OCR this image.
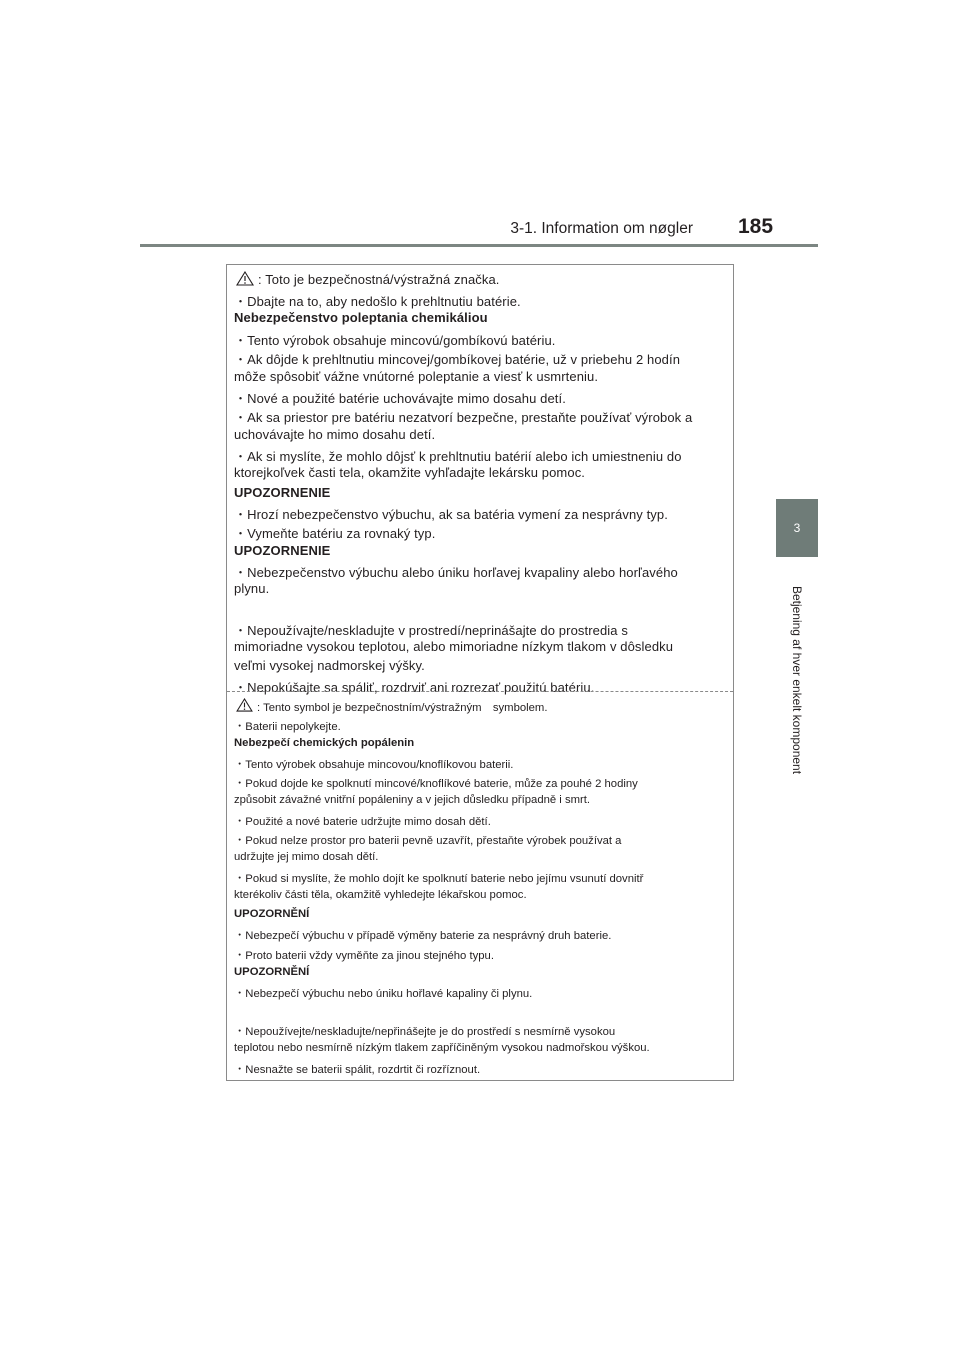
3-1. Information om nøgler 185
3
Betjening af hver enkelt komponent
: Toto je bezpečnostná/výstražná značka.
・Dbajte na to, aby nedošlo k prehltnutiu batérie.
Nebezpečenstvo poleptania chemikáliou
・Tento výrobok obsahuje mincovú/gombíkovú batériu.
・Ak dôjde k prehltnutiu mincovej/gombíkovej batérie, už v priebehu 2 hodín
môže spôsobiť vážne vnútorné poleptanie a viesť k usmrteniu.
・Nové a použité batérie uchovávajte mimo dosahu detí.
・Ak sa priestor pre batériu nezatvorí bezpečne, prestaňte používať výrobok a
uchovávajte ho mimo dosahu detí.
・Ak si myslíte, že mohlo dôjsť k prehltnutiu batérií alebo ich umiestneniu do
ktorejkoľvek časti tela, okamžite vyhľadajte lekársku pomoc.
UPOZORNENIE
・Hrozí nebezpečenstvo výbuchu, ak sa batéria vymení za nesprávny typ.
・Vymeňte batériu za rovnaký typ.
UPOZORNENIE
・Nebezpečenstvo výbuchu alebo úniku horľavej kvapaliny alebo horľavého
plynu.
・Nepoužívajte/neskladujte v prostredí/neprinášajte do prostredia s
mimoriadne vysokou teplotou, alebo mimoriadne nízkym tlakom v dôsledku
veľmi vysokej nadmorskej výšky.
・Nepokúšajte sa spáliť, rozdrviť ani rozrezať použitú batériu.
: Tento symbol je bezpečnostním/výstražným　symbolem.
・Baterii nepolykejte.
Nebezpečí chemických popálenin
・Tento výrobek obsahuje mincovou/knoflíkovou baterii.
・Pokud dojde ke spolknutí mincové/knoflíkové baterie, může za pouhé 2 hodiny
způsobit závažné vnitřní popáleniny a v jejich důsledku případně i smrt.
・Použité a nové baterie udržujte mimo dosah dětí.
・Pokud nelze prostor pro baterii pevně uzavřít, přestaňte výrobek používat a
udržujte jej mimo dosah dětí.
・Pokud si myslíte, že mohlo dojít ke spolknutí baterie nebo jejímu vsunutí dovnitř
kterékoliv části těla, okamžitě vyhledejte lékařskou pomoc.
UPOZORNĚNÍ
・Nebezpečí výbuchu v případě výměny baterie za nesprávný druh baterie.
・Proto baterii vždy vyměňte za jinou stejného typu.
UPOZORNĚNÍ
・Nebezpečí výbuchu nebo úniku hořlavé kapaliny či plynu.
・Nepoužívejte/neskladujte/nepřinášejte je do prostředí s nesmírně vysokou
teplotou nebo nesmírně nízkým tlakem zapříčiněným vysokou nadmořskou výškou.
・Nesnažte se baterii spálit, rozdrtit či rozříznout.
